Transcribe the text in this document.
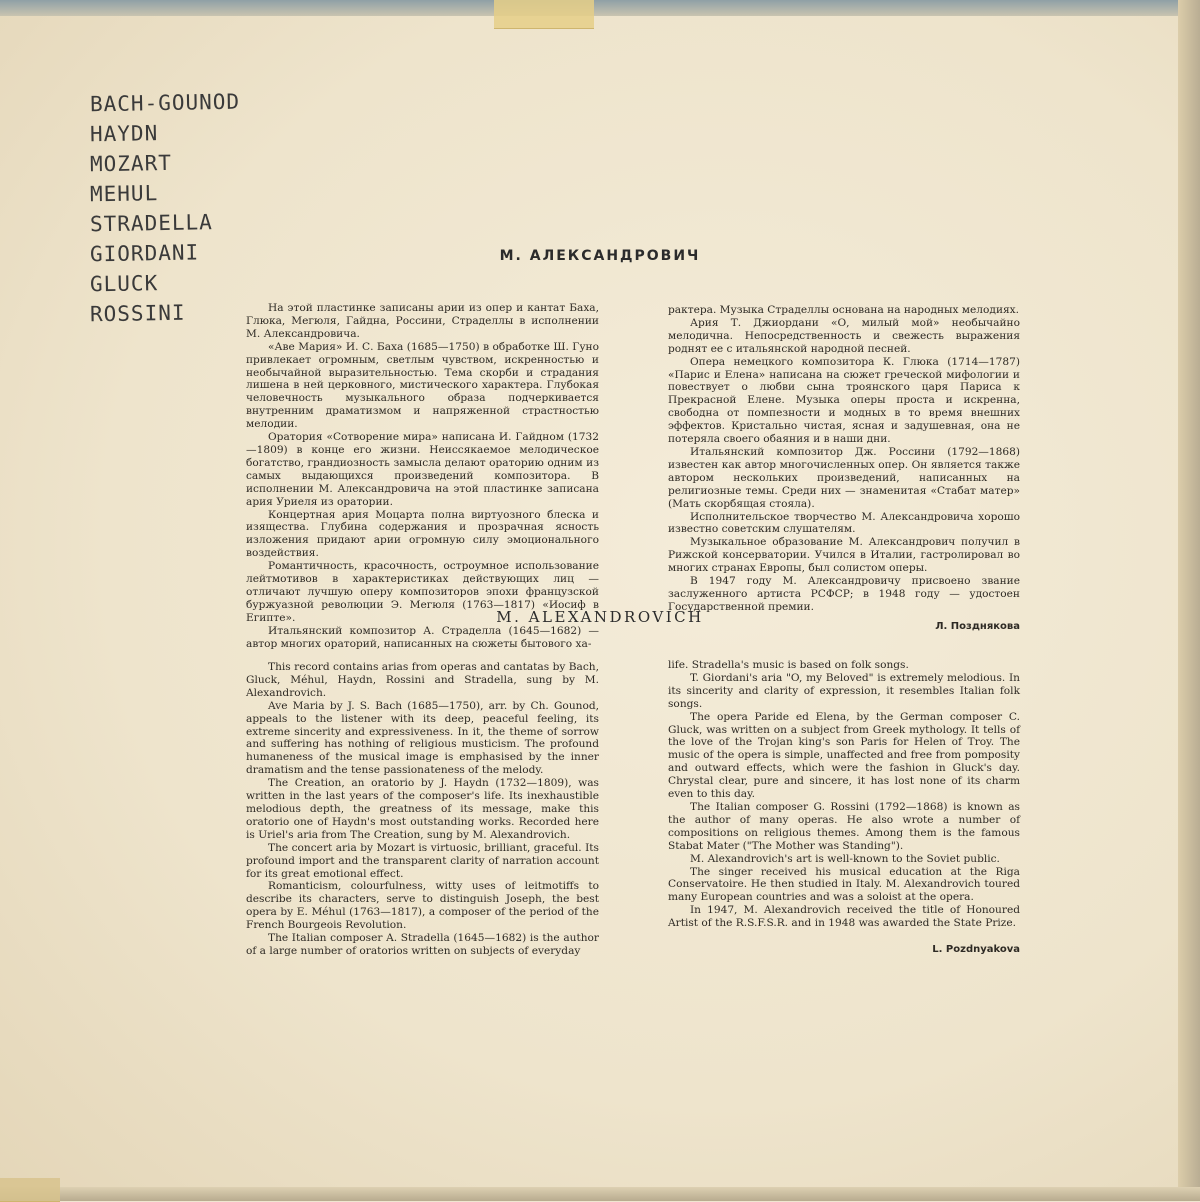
BACH-GOUNOD
HAYDN
MOZART
MEHUL
STRADELLA
GIORDANI
GLUCK
ROSSINI
М. АЛЕКСАНДРОВИЧ

На этой пластинке записаны арии из опер и кантат Баха, Глюка, Мегюля, Гайдна, Россини, Страделлы в исполнении М. Александровича.

«Аве Мария» И. С. Баха (1685—1750) в обработке Ш. Гуно привлекает огромным, светлым чувством, искренностью и необычайной выразительностью. Тема скорби и страдания лишена в ней церковного, мистического характера. Глубокая человечность музыкального образа подчеркивается внутренним драматизмом и напряженной страстностью мелодии.

Оратория «Сотворение мира» написана И. Гайдном (1732—1809) в конце его жизни. Неиссякаемое мелодическое богатство, грандиозность замысла делают ораторию одним из самых выдающихся произведений композитора. В исполнении М. Александровича на этой пластинке записана ария Уриеля из оратории.

Концертная ария Моцарта полна виртуозного блеска и изящества. Глубина содержания и прозрачная ясность изложения придают арии огромную силу эмоционального воздействия.

Романтичность, красочность, остроумное использование лейтмотивов в характеристиках действующих лиц — отличают лучшую оперу композиторов эпохи французской буржуазной революции Э. Мегюля (1763—1817) «Иосиф в Египте».

Итальянский композитор А. Страделла (1645—1682) — автор многих ораторий, написанных на сюжеты бытового ха-

рактера. Музыка Страделлы основана на народных мелодиях.

Ария Т. Джиордани «О, милый мой» необычайно мелодична. Непосредственность и свежесть выражения роднят ее с итальянской народной песней.

Опера немецкого композитора К. Глюка (1714—1787) «Парис и Елена» написана на сюжет греческой мифологии и повествует о любви сына троянского царя Париса к Прекрасной Елене. Музыка оперы проста и искренна, свободна от помпезности и модных в то время внешних эффектов. Кристально чистая, ясная и задушевная, она не потеряла своего обаяния и в наши дни.

Итальянский композитор Дж. Россини (1792—1868) известен как автор многочисленных опер. Он является также автором нескольких произведений, написанных на религиозные темы. Среди них — знаменитая «Стабат матер» (Мать скорбящая стояла).

Исполнительское творчество М. Александровича хорошо известно советским слушателям.

Музыкальное образование М. Александрович получил в Рижской консерватории. Учился в Италии, гастролировал во многих странах Европы, был солистом оперы.

В 1947 году М. Александровичу присвоено звание заслуженного артиста РСФСР; в 1948 году — удостоен Государственной премии.

Л. Позднякова
M. ALEXANDROVICH

This record contains arias from operas and cantatas by Bach, Gluck, Méhul, Haydn, Rossini and Stradella, sung by M. Alexandrovich.

Ave Maria by J. S. Bach (1685—1750), arr. by Ch. Gounod, appeals to the listener with its deep, peaceful feeling, its extreme sincerity and expressiveness. In it, the theme of sorrow and suffering has nothing of religious musticism. The profound humaneness of the musical image is emphasised by the inner dramatism and the tense passionateness of the melody.

The Creation, an oratorio by J. Haydn (1732—1809), was written in the last years of the composer's life. Its inexhaustible melodious depth, the greatness of its message, make this oratorio one of Haydn's most outstanding works. Recorded here is Uriel's aria from The Creation, sung by M. Alexandrovich.

The concert aria by Mozart is virtuosic, brilliant, graceful. Its profound import and the transparent clarity of narration account for its great emotional effect.

Romanticism, colourfulness, witty uses of leitmotiffs to describe its characters, serve to distinguish Joseph, the best opera by E. Méhul (1763—1817), a composer of the period of the French Bourgeois Revolution.

The Italian composer A. Stradella (1645—1682) is the author of a large number of oratorios written on subjects of everyday

life. Stradella's music is based on folk songs.

T. Giordani's aria "O, my Beloved" is extremely melodious. In its sincerity and clarity of expression, it resembles Italian folk songs.

The opera Paride ed Elena, by the German composer C. Gluck, was written on a subject from Greek mythology. It tells of the love of the Trojan king's son Paris for Helen of Troy. The music of the opera is simple, unaffected and free from pomposity and outward effects, which were the fashion in Gluck's day. Chrystal clear, pure and sincere, it has lost none of its charm even to this day.

The Italian composer G. Rossini (1792—1868) is known as the author of many operas. He also wrote a number of compositions on religious themes. Among them is the famous Stabat Mater ("The Mother was Standing").

M. Alexandrovich's art is well-known to the Soviet public.

The singer received his musical education at the Riga Conservatoire. He then studied in Italy. M. Alexandrovich toured many European countries and was a soloist at the opera.

In 1947, M. Alexandrovich received the title of Honoured Artist of the R.S.F.S.R. and in 1948 was awarded the State Prize.

L. Pozdnyakova
